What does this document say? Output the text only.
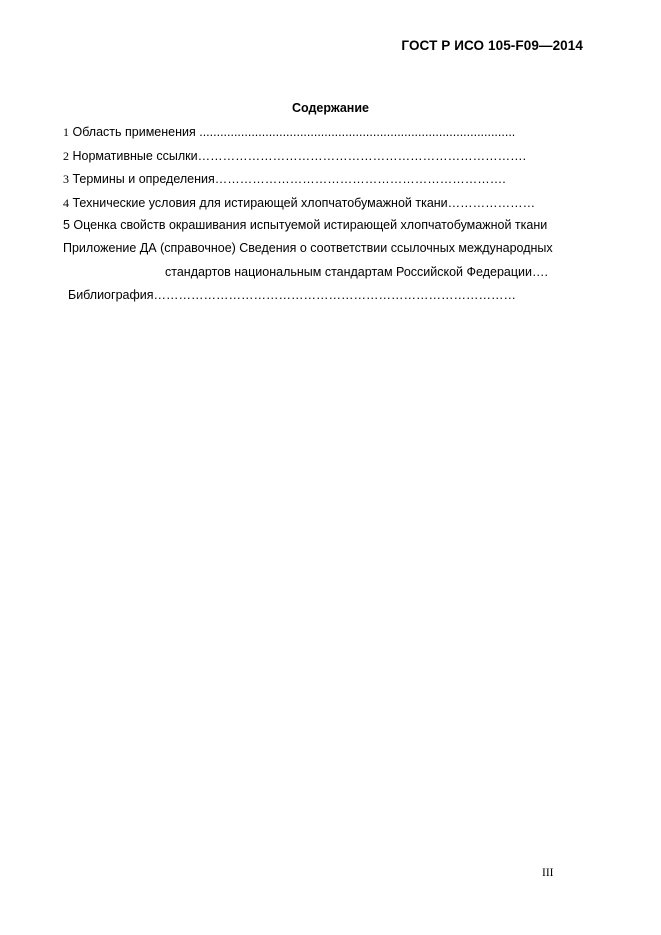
ГОСТ Р ИСО 105-F09—2014
Содержание
1 Область применения ...........................................................................................
2 Нормативные ссылки…………………………………………………………………….
3 Термины и определения…………………………………………………………….
4 Технические условия для истирающей хлопчатобумажной ткани…………………
5 Оценка свойств окрашивания испытуемой истирающей хлопчатобумажной ткани
Приложение ДА (справочное) Сведения о соответствии ссылочных международных
стандартов национальным стандартам Российской Федерации….
Библиография……………………………………………………………………………
III
